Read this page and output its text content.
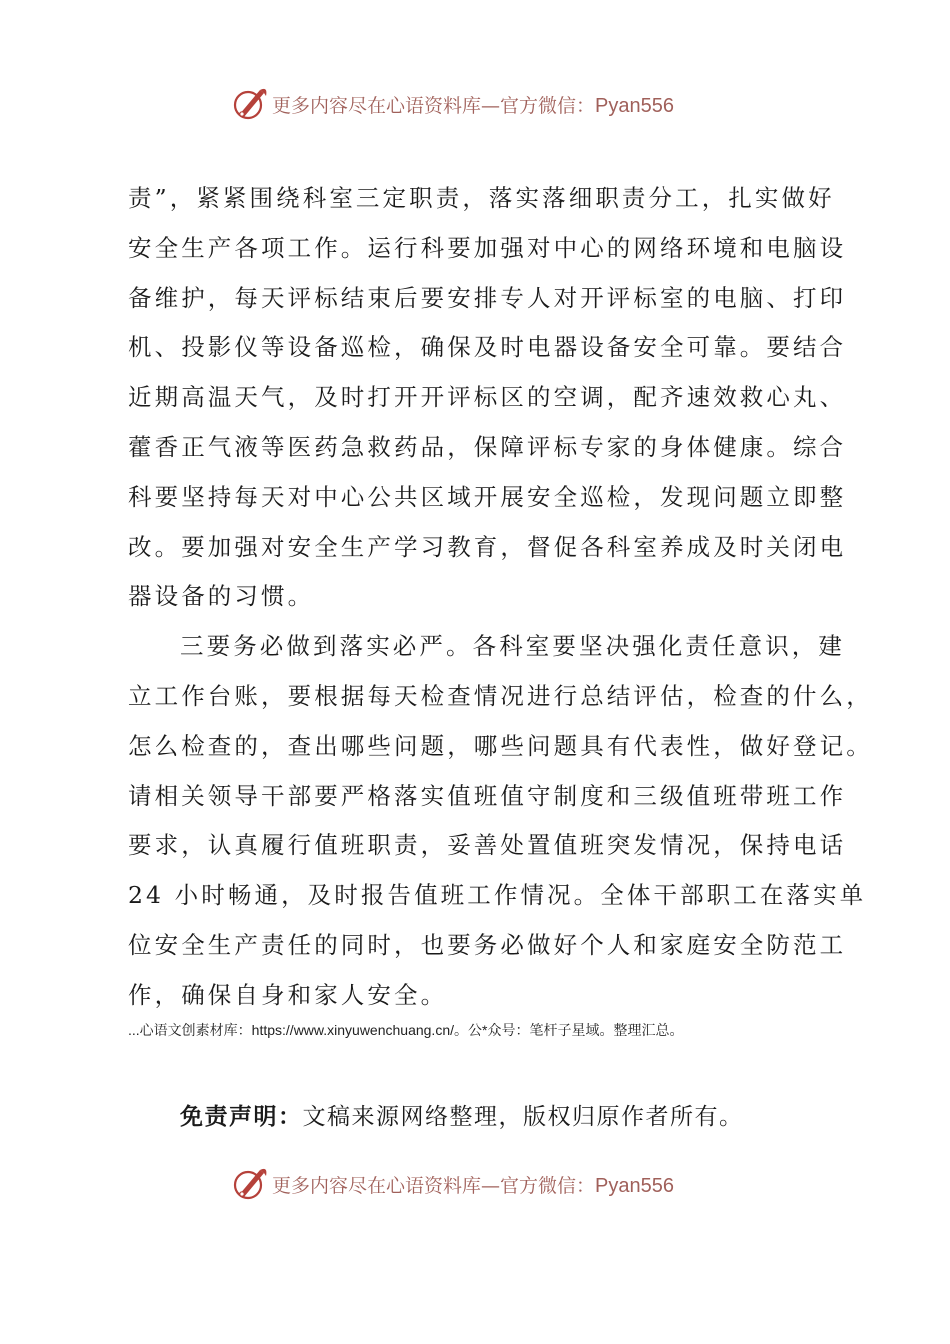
更多内容尽在心语资料库—官方微信：Pyan556
责”，紧紧围绕科室三定职责，落实落细职责分工，扎实做好
安全生产各项工作。运行科要加强对中心的网络环境和电脑设
备维护，每天评标结束后要安排专人对开评标室的电脑、打印
机、投影仪等设备巡检，确保及时电器设备安全可靠。要结合
近期高温天气，及时打开开评标区的空调，配齐速效救心丸、
藿香正气液等医药急救药品，保障评标专家的身体健康。综合
科要坚持每天对中心公共区域开展安全巡检，发现问题立即整
改。要加强对安全生产学习教育，督促各科室养成及时关闭电
器设备的习惯。
三要务必做到落实必严。各科室要坚决强化责任意识，建
立工作台账，要根据每天检查情况进行总结评估，检查的什么，
怎么检查的，查出哪些问题，哪些问题具有代表性，做好登记。
请相关领导干部要严格落实值班值守制度和三级值班带班工作
要求，认真履行值班职责，妥善处置值班突发情况，保持电话
24 小时畅通，及时报告值班工作情况。全体干部职工在落实单
位安全生产责任的同时，也要务必做好个人和家庭安全防范工
作，确保自身和家人安全。
...心语文创素材库：https://www.xinyuwenchuang.cn/。公*众号：笔杆子星域。整理汇总。
免责声明：文稿来源网络整理，版权归原作者所有。
更多内容尽在心语资料库—官方微信：Pyan556
